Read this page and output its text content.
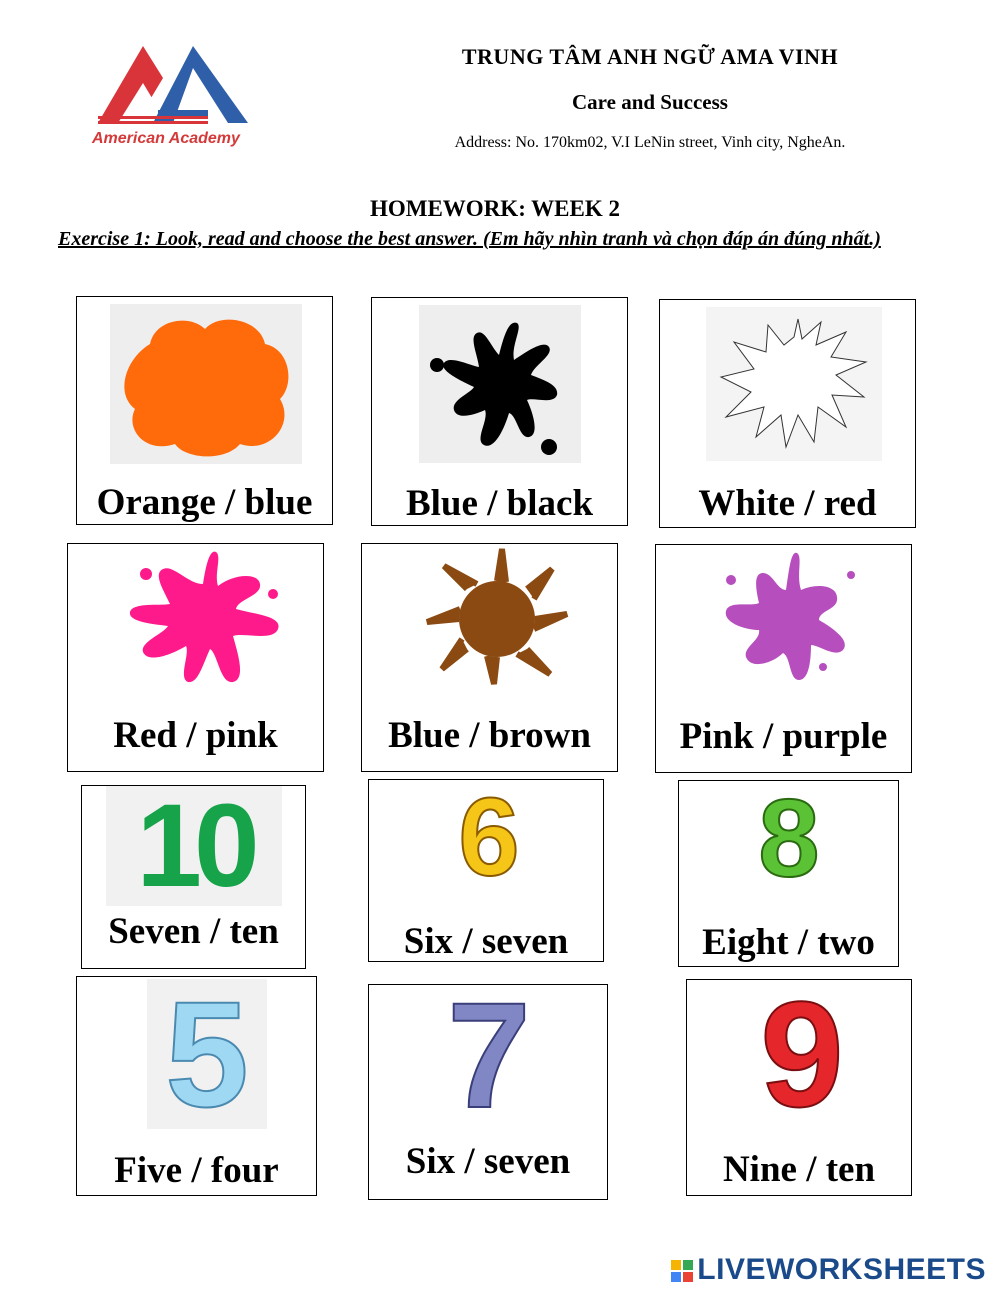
American Academy
TRUNG TÂM ANH NGỮ AMA VINH
Care and Success
Address: No. 170km02, V.I LeNin street, Vinh city, NgheAn.
HOMEWORK: WEEK 2
Exercise 1: Look, read and choose the best answer. (Em hãy nhìn tranh và chọn đáp án đúng nhất.)
Orange / blue	Blue / black	White / red
Red / pink	Blue / brown	Pink / purple
10
Seven / ten
6
Six / seven
8
Eight / two
5
Five / four
7
Six / seven
9
Nine / ten
LIVEWORKSHEETS
